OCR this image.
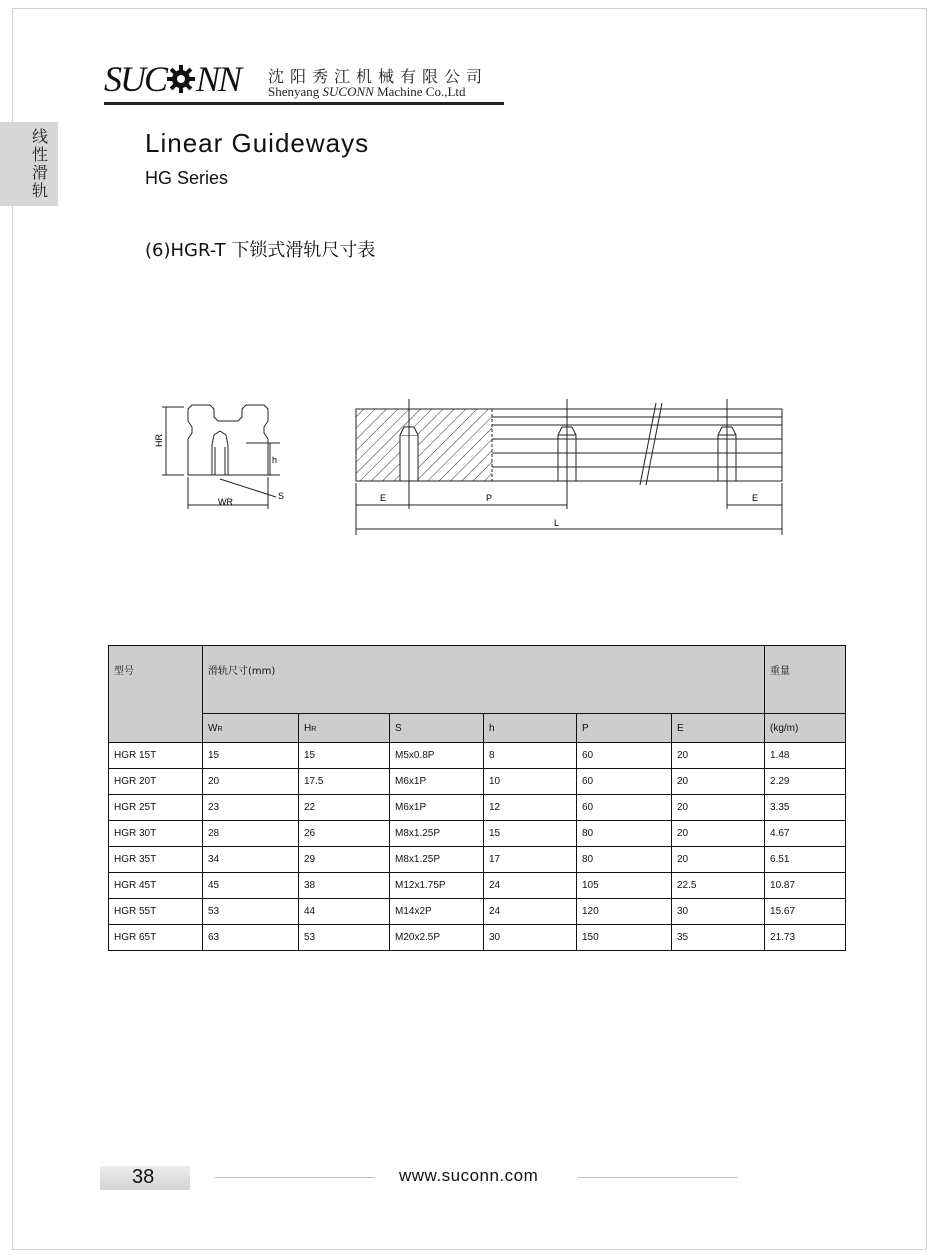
SUC NN 沈阳秀江机械有限公司
Shenyang SUCONN Machine Co.,Ltd
线
性
滑
轨
Linear Guideways
HG Series
(6)HGR-T 下锁式滑轨尺寸表
HR
h
WR
S	E	P	E
L
型号	滑轨尺寸(mm)						重量
	WR	HR	S	h	P	E	(kg/m)
HGR 15T	15	15	M5x0.8P	8	60	20	1.48
HGR 20T	20	17.5	M6x1P	10	60	20	2.29
HGR 25T	23	22	M6x1P	12	60	20	3.35
HGR 30T	28	26	M8x1.25P	15	80	20	4.67
HGR 35T	34	29	M8x1.25P	17	80	20	6.51
HGR 45T	45	38	M12x1.75P	24	105	22.5	10.87
HGR 55T	53	44	M14x2P	24	120	30	15.67
HGR 65T	63	53	M20x2.5P	30	150	35	21.73
38	www.suconn.com
